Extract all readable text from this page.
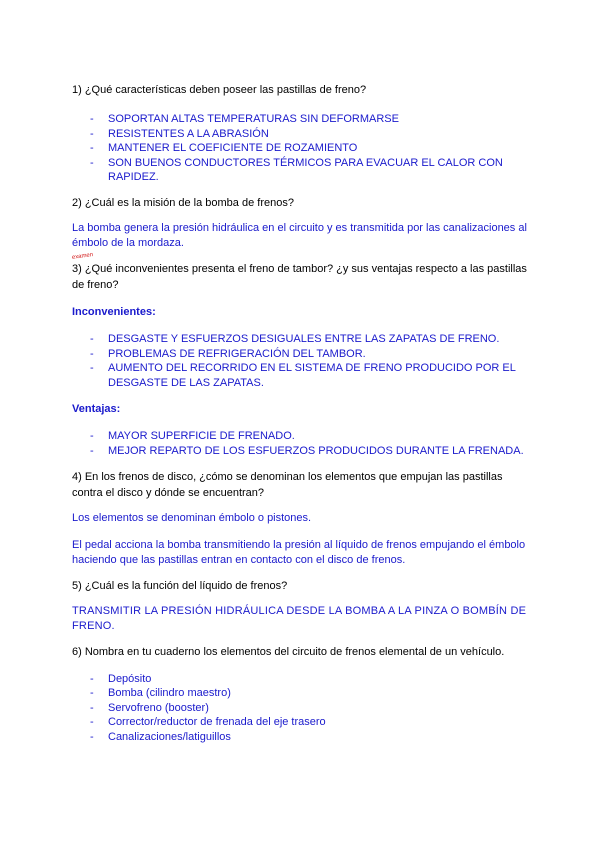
examen

1) ¿Qué características deben poseer las pastillas de freno?

- SOPORTAN ALTAS TEMPERATURAS SIN DEFORMARSE
- RESISTENTES A LA ABRASIÓN
- MANTENER EL COEFICIENTE DE ROZAMIENTO
- SON BUENOS CONDUCTORES TÉRMICOS PARA EVACUAR EL CALOR CON RAPIDEZ.

2) ¿Cuál es la misión de la bomba de frenos?

La bomba genera la presión hidráulica en el circuito y es transmitida por las canalizaciones al émbolo de la mordaza.

3) ¿Qué inconvenientes presenta el freno de tambor? ¿y sus ventajas respecto a las pastillas de freno?

Inconvenientes:

- DESGASTE Y ESFUERZOS DESIGUALES ENTRE LAS ZAPATAS DE FRENO.
- PROBLEMAS DE REFRIGERACIÓN DEL TAMBOR.
- AUMENTO DEL RECORRIDO EN EL SISTEMA DE FRENO PRODUCIDO POR EL DESGASTE DE LAS ZAPATAS.

Ventajas:

- MAYOR SUPERFICIE DE FRENADO.
- MEJOR REPARTO DE LOS ESFUERZOS PRODUCIDOS DURANTE LA FRENADA.

4) En los frenos de disco, ¿cómo se denominan los elementos que empujan las pastillas contra el disco y dónde se encuentran?

Los elementos se denominan émbolo o pistones.

El pedal acciona la bomba transmitiendo la presión al líquido de frenos empujando el émbolo haciendo que las pastillas entran en contacto con el disco de frenos.

5) ¿Cuál es la función del líquido de frenos?

TRANSMITIR LA PRESIÓN HIDRÁULICA DESDE LA BOMBA A LA PINZA O BOMBÍN DE FRENO.

6) Nombra en tu cuaderno los elementos del circuito de frenos elemental de un vehículo.

- Depósito
- Bomba (cilindro maestro)
- Servofreno (booster)
- Corrector/reductor de frenada del eje trasero
- Canalizaciones/latiguillos
